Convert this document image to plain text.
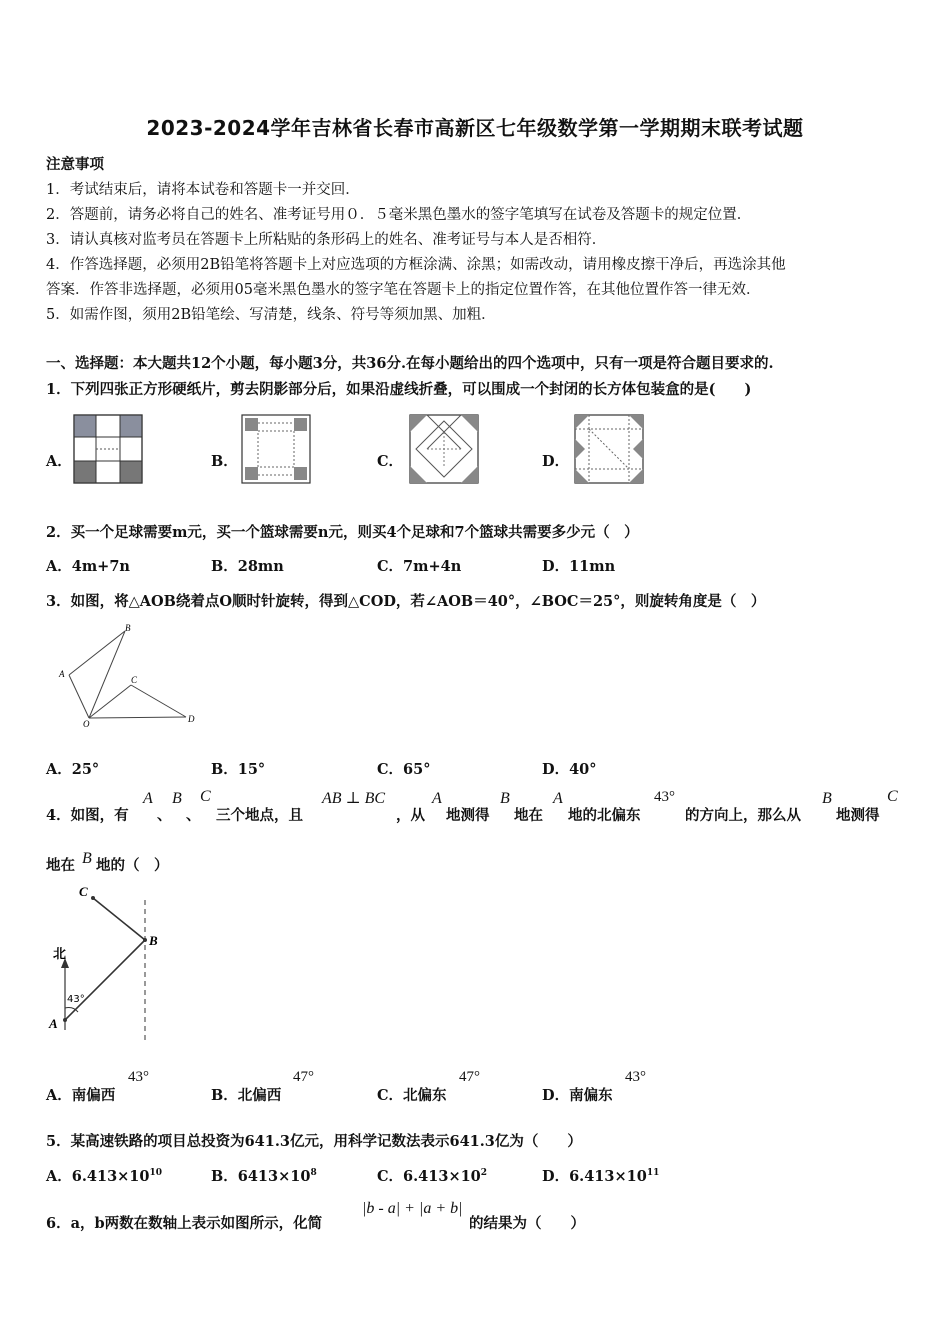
2023-2024学年吉林省长春市高新区七年级数学第一学期期末联考试题
注意事项
1．考试结束后，请将本试卷和答题卡一并交回．
2．答题前，请务必将自己的姓名、准考证号用０．５毫米黑色墨水的签字笔填写在试卷及答题卡的规定位置．
3．请认真核对监考员在答题卡上所粘贴的条形码上的姓名、准考证号与本人是否相符．
4．作答选择题，必须用2B铅笔将答题卡上对应选项的方框涂满、涂黑；如需改动，请用橡皮擦干净后，再选涂其他
答案．作答非选择题，必须用05毫米黑色墨水的签字笔在答题卡上的指定位置作答，在其他位置作答一律无效．
5．如需作图，须用2B铅笔绘、写清楚，线条、符号等须加黑、加粗．
一、选择题：本大题共12个小题，每小题3分，共36分.在每小题给出的四个选项中，只有一项是符合题目要求的.
1．下列四张正方形硬纸片，剪去阴影部分后，如果沿虚线折叠，可以围成一个封闭的长方体包装盒的是(　　)
A．	B．	C．	D．
2．买一个足球需要m元，买一个篮球需要n元，则买4个足球和7个篮球共需要多少元（　）
A．4m+7n	B．28mn	C．7m+4n	D．11mn
3．如图，将△AOB绕着点O顺时针旋转，得到△COD，若∠AOB＝40°，∠BOC＝25°，则旋转角度是（　）
B
A
C
O	D
A．25°	B．15°	C．65°	D．40°
4．如图，有
A
、
B
、
C
三个地点，且
AB ⊥ BC
，从
A
地测得
B
地在
A
地的北偏东
43°
的方向上，那么从
B
地测得
C
地在 B 地的（　）
C
B
北
43°
A
A．南偏西
43°
B．北偏西
47°
C．北偏东
47°
D．南偏东
43°
5．某高速铁路的项目总投资为641.3亿元，用科学记数法表示641.3亿为（　　）
A．$6.413\times 10^{10}$	B．$6413\times 10^8$	C．$6.413\times 10^2$	D．$6.413\times 10^{11}$
6．a，b两数在数轴上表示如图所示，化简
|b - a| + |a + b|
的结果为（　　）
